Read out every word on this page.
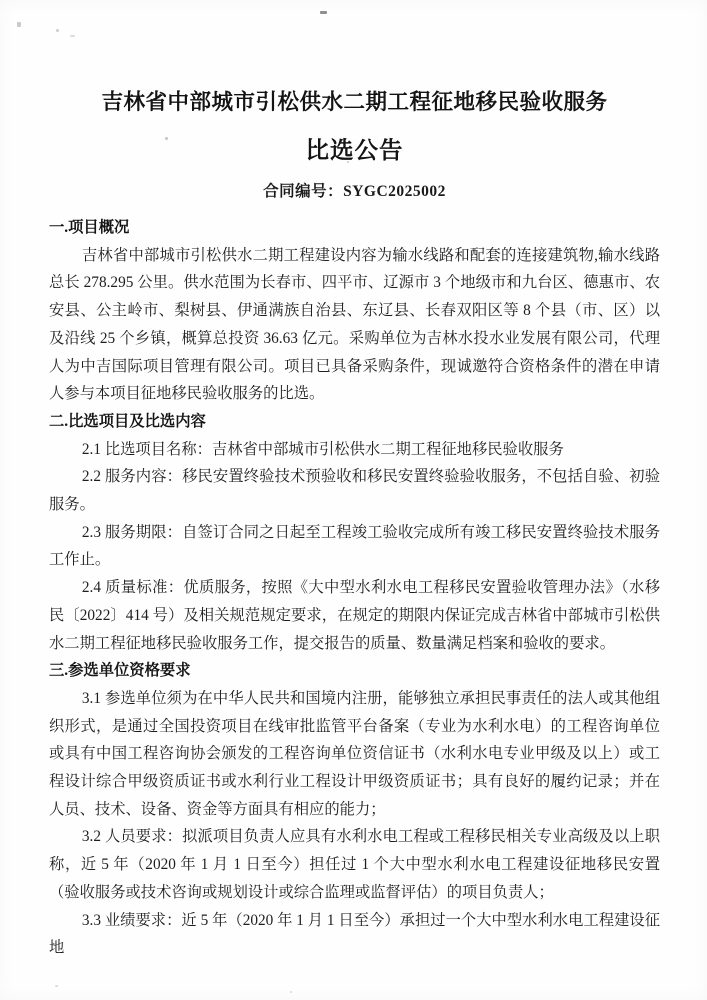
吉林省中部城市引松供水二期工程征地移民验收服务
比选公告
合同编号：SYGC2025002
一.项目概况

吉林省中部城市引松供水二期工程建设内容为输水线路和配套的连接建筑物,输水线路总长 278.295 公里。供水范围为长春市、四平市、辽源市 3 个地级市和九台区、德惠市、农安县、公主岭市、梨树县、伊通满族自治县、东辽县、长春双阳区等 8 个县（市、区）以及沿线 25 个乡镇，概算总投资 36.63 亿元。采购单位为吉林水投水业发展有限公司，代理人为中吉国际项目管理有限公司。项目已具备采购条件，现诚邀符合资格条件的潜在申请人参与本项目征地移民验收服务的比选。

二.比选项目及比选内容

2.1 比选项目名称：吉林省中部城市引松供水二期工程征地移民验收服务

2.2 服务内容：移民安置终验技术预验收和移民安置终验验收服务，不包括自验、初验服务。

2.3 服务期限：自签订合同之日起至工程竣工验收完成所有竣工移民安置终验技术服务工作止。

2.4 质量标准：优质服务，按照《大中型水利水电工程移民安置验收管理办法》（水移民〔2022〕414 号）及相关规范规定要求，在规定的期限内保证完成吉林省中部城市引松供水二期工程征地移民验收服务工作，提交报告的质量、数量满足档案和验收的要求。

三.参选单位资格要求

3.1 参选单位须为在中华人民共和国境内注册，能够独立承担民事责任的法人或其他组织形式，是通过全国投资项目在线审批监管平台备案（专业为水利水电）的工程咨询单位或具有中国工程咨询协会颁发的工程咨询单位资信证书（水利水电专业甲级及以上）或工程设计综合甲级资质证书或水利行业工程设计甲级资质证书；具有良好的履约记录；并在人员、技术、设备、资金等方面具有相应的能力；

3.2 人员要求：拟派项目负责人应具有水利水电工程或工程移民相关专业高级及以上职称，近 5 年（2020 年 1 月 1 日至今）担任过 1 个大中型水利水电工程建设征地移民安置（验收服务或技术咨询或规划设计或综合监理或监督评估）的项目负责人；

3.3 业绩要求：近 5 年（2020 年 1 月 1 日至今）承担过一个大中型水利水电工程建设征地
